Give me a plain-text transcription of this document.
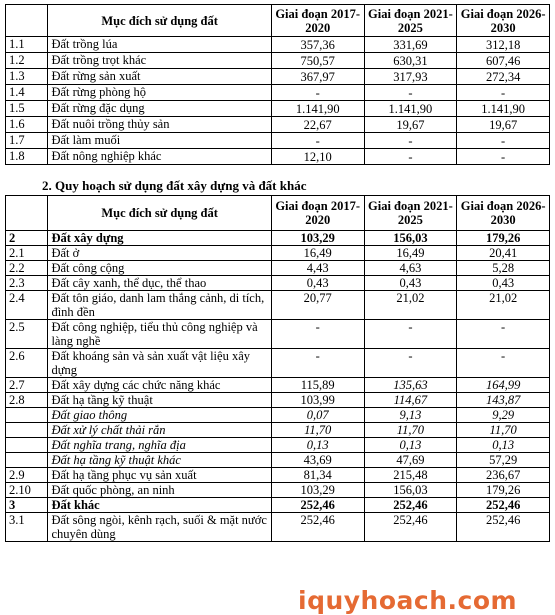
	Mục đích sử dụng đất	Giai đoạn 2017-2020	Giai đoạn 2021-2025	Giai đoạn 2026-2030
1.1	Đất trồng lúa	357,36	331,69	312,18
1.2	Đất trồng trọt khác	750,57	630,31	607,46
1.3	Đất rừng sản xuất	367,97	317,93	272,34
1.4	Đất rừng phòng hộ	-	-	-
1.5	Đất rừng đặc dụng	1.141,90	1.141,90	1.141,90
1.6	Đất nuôi trồng thủy sản	22,67	19,67	19,67
1.7	Đất làm muối	-	-	-
1.8	Đất nông nghiệp khác	12,10	-	-
2. Quy hoạch sử dụng đất xây dựng và đất khác
	Mục đích sử dụng đất	Giai đoạn 2017-2020	Giai đoạn 2021-2025	Giai đoạn 2026-2030
2	Đất xây dựng	103,29	156,03	179,26
2.1	Đất ở	16,49	16,49	20,41
2.2	Đất công cộng	4,43	4,63	5,28
2.3	Đất cây xanh, thể dục, thể thao	0,43	0,43	0,43
2.4	Đất tôn giáo, danh lam thắng cảnh, di tích, đình đền	20,77	21,02	21,02
2.5	Đất công nghiệp, tiểu thủ công nghiệp và làng nghề	-	-	-
2.6	Đất khoáng sản và sản xuất vật liệu xây dựng	-	-	-
2.7	Đất xây dựng các chức năng khác	115,89	135,63	164,99
2.8	Đất hạ tầng kỹ thuật	103,99	114,67	143,87
	Đất giao thông	0,07	9,13	9,29
	Đất xử lý chất thải rắn	11,70	11,70	11,70
	Đất nghĩa trang, nghĩa địa	0,13	0,13	0,13
	Đất hạ tầng kỹ thuật khác	43,69	47,69	57,29
2.9	Đất hạ tầng phục vụ sản xuất	81,34	215,48	236,67
2.10	Đất quốc phòng, an ninh	103,29	156,03	179,26
3	Đất khác	252,46	252,46	252,46
3.1	Đất sông ngòi, kênh rạch, suối & mặt nước chuyên dùng	252,46	252,46	252,46
iquyhoach.com
